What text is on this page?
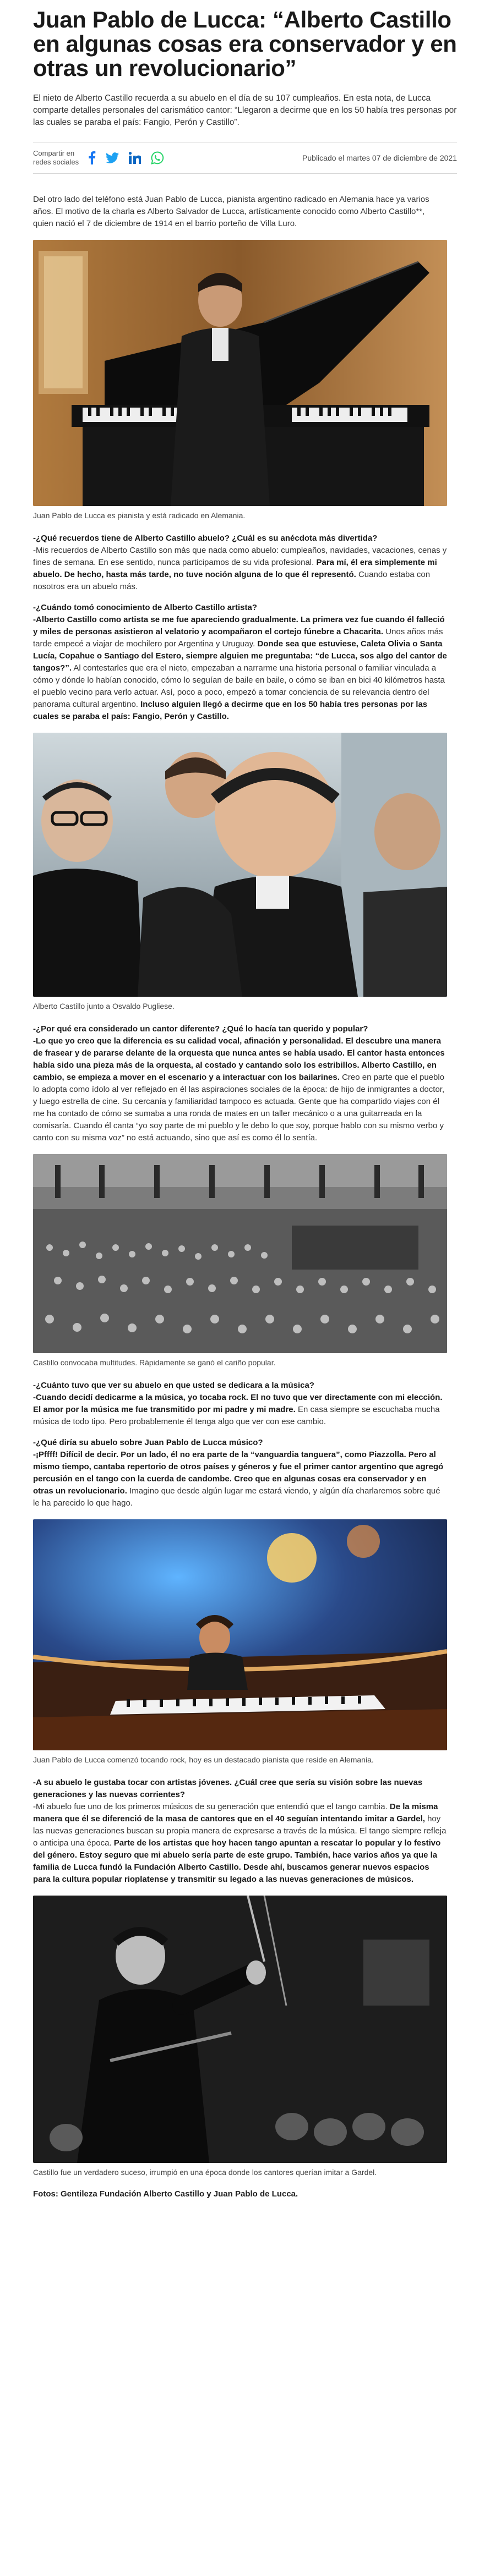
Juan Pablo de Lucca: “Alberto Castillo en algunas cosas era conservador y en otras un revolucionario”

El nieto de Alberto Castillo recuerda a su abuelo en el día de su 107 cumpleaños. En esta nota, de Lucca comparte detalles personales del carismático cantor: “Llegaron a decirme que en los 50 había tres personas por las cuales se paraba el país: Fangio, Perón y Castillo”.

Compartir en redes sociales	Publicado el martes 07 de diciembre de 2021

Del otro lado del teléfono está Juan Pablo de Lucca, pianista argentino radicado en Alemania hace ya varios años. El motivo de la charla es Alberto Salvador de Lucca, artísticamente conocido como Alberto Castillo**, quien nació el 7 de diciembre de 1914 en el barrio porteño de Villa Luro.

Juan Pablo de Lucca es pianista y está radicado en Alemania.

-¿Qué recuerdos tiene de Alberto Castillo abuelo? ¿Cuál es su anécdota más divertida?
-Mis recuerdos de Alberto Castillo son más que nada como abuelo: cumpleaños, navidades, vacaciones, cenas y fines de semana. En ese sentido, nunca participamos de su vida profesional. Para mí, él era simplemente mi abuelo. De hecho, hasta más tarde, no tuve noción alguna de lo que él representó. Cuando estaba con nosotros era un abuelo más.

-¿Cuándo tomó conocimiento de Alberto Castillo artista?
-Alberto Castillo como artista se me fue apareciendo gradualmente. La primera vez fue cuando él falleció y miles de personas asistieron al velatorio y acompañaron el cortejo fúnebre a Chacarita. Unos años más tarde empecé a viajar de mochilero por Argentina y Uruguay. Donde sea que estuviese, Caleta Olivia o Santa Lucía, Copahue o Santiago del Estero, siempre alguien me preguntaba: “de Lucca, sos algo del cantor de tangos?”. Al contestarles que era el nieto, empezaban a narrarme una historia personal o familiar vinculada a cómo y dónde lo habían conocido, cómo lo seguían de baile en baile, o cómo se iban en bici 40 kilómetros hasta el pueblo vecino para verlo actuar. Así, poco a poco, empezó a tomar conciencia de su relevancia dentro del panorama cultural argentino. Incluso alguien llegó a decirme que en los 50 había tres personas por las cuales se paraba el país: Fangio, Perón y Castillo.

Alberto Castillo junto a Osvaldo Pugliese.

-¿Por qué era considerado un cantor diferente? ¿Qué lo hacía tan querido y popular?
-Lo que yo creo que la diferencia es su calidad vocal, afinación y personalidad. El descubre una manera de frasear y de pararse delante de la orquesta que nunca antes se había usado. El cantor hasta entonces había sido una pieza más de la orquesta, al costado y cantando solo los estribillos. Alberto Castillo, en cambio, se empieza a mover en el escenario y a interactuar con los bailarines. Creo en parte que el pueblo lo adopta como ídolo al ver reflejado en él las aspiraciones sociales de la época: de hijo de inmigrantes a doctor, y luego estrella de cine. Su cercanía y familiaridad tampoco es actuada. Gente que ha compartido viajes con él me ha contado de cómo se sumaba a una ronda de mates en un taller mecánico o a una guitarreada en la comisaría. Cuando él canta “yo soy parte de mi pueblo y le debo lo que soy, porque hablo con su mismo verbo y canto con su misma voz” no está actuando, sino que así es como él lo sentía.

Castillo convocaba multitudes. Rápidamente se ganó el cariño popular.

-¿Cuánto tuvo que ver su abuelo en que usted se dedicara a la música?
-Cuando decidí dedicarme a la música, yo tocaba rock. El no tuvo que ver directamente con mi elección. El amor por la música me fue transmitido por mi padre y mi madre. En casa siempre se escuchaba mucha música de todo tipo. Pero probablemente él tenga algo que ver con ese cambio.

-¿Qué diría su abuelo sobre Juan Pablo de Lucca músico?
-¡Pffff! Difícil de decir. Por un lado, él no era parte de la “vanguardia tanguera”, como Piazzolla. Pero al mismo tiempo, cantaba repertorio de otros países y géneros y fue el primer cantor argentino que agregó percusión en el tango con la cuerda de candombe. Creo que en algunas cosas era conservador y en otras un revolucionario. Imagino que desde algún lugar me estará viendo, y algún día charlaremos sobre qué le ha parecido lo que hago.

Juan Pablo de Lucca comenzó tocando rock, hoy es un destacado pianista que reside en Alemania.

-A su abuelo le gustaba tocar con artistas jóvenes. ¿Cuál cree que sería su visión sobre las nuevas generaciones y las nuevas corrientes?
-Mi abuelo fue uno de los primeros músicos de su generación que entendió que el tango cambia. De la misma manera que él se diferenció de la masa de cantores que en el 40 seguían intentando imitar a Gardel, hoy las nuevas generaciones buscan su propia manera de expresarse a través de la música. El tango siempre refleja o anticipa una época. Parte de los artistas que hoy hacen tango apuntan a rescatar lo popular y lo festivo del género. Estoy seguro que mi abuelo sería parte de este grupo. También, hace varios años ya que la familia de Lucca fundó la Fundación Alberto Castillo. Desde ahí, buscamos generar nuevos espacios para la cultura popular rioplatense y transmitir su legado a las nuevas generaciones de músicos.

Castillo fue un verdadero suceso, irrumpió en una época donde los cantores querían imitar a Gardel.

Fotos: Gentileza Fundación Alberto Castillo y Juan Pablo de Lucca.
